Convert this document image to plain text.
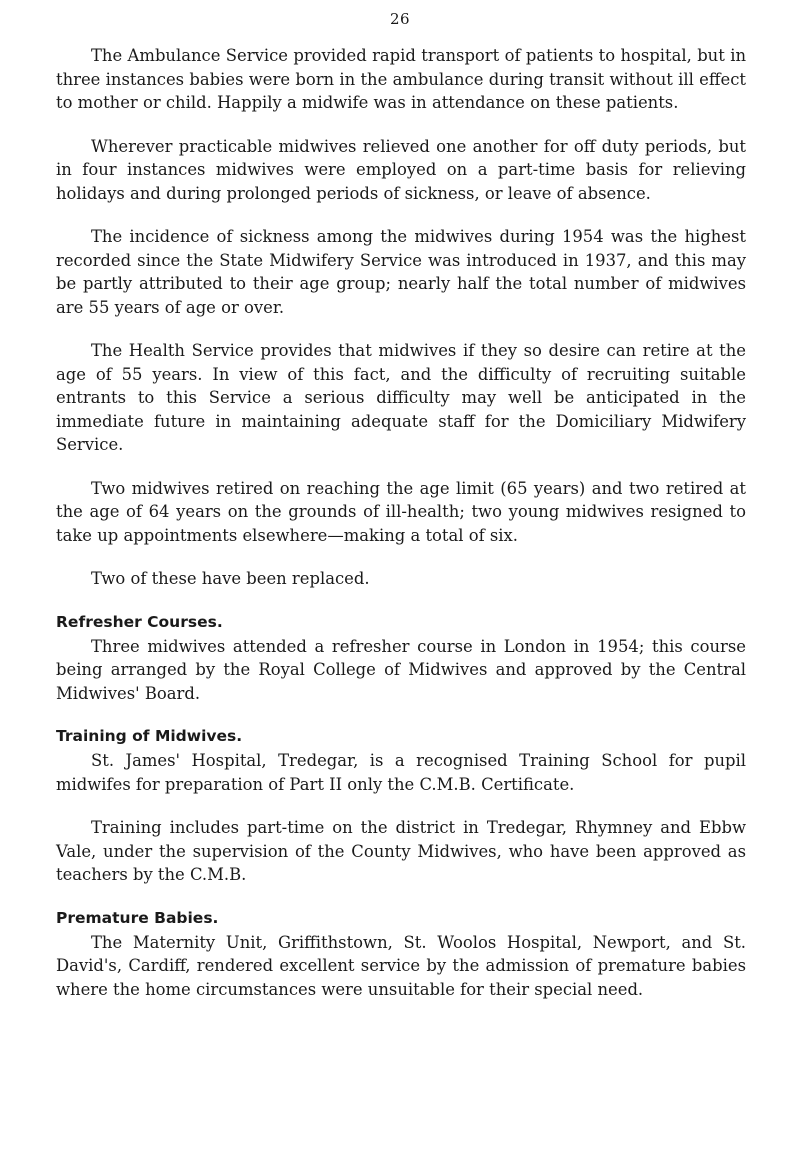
26

The Ambulance Service provided rapid transport of patients to hospital, but in three instances babies were born in the ambulance during transit without ill effect to mother or child. Happily a midwife was in attendance on these patients.

Wherever practicable midwives relieved one another for off duty periods, but in four instances midwives were employed on a part-time basis for relieving holidays and during prolonged periods of sickness, or leave of absence.

The incidence of sickness among the midwives during 1954 was the highest recorded since the State Midwifery Service was introduced in 1937, and this may be partly attributed to their age group; nearly half the total number of midwives are 55 years of age or over.

The Health Service provides that midwives if they so desire can retire at the age of 55 years. In view of this fact, and the difficulty of recruiting suitable entrants to this Service a serious difficulty may well be anticipated in the immediate future in maintaining adequate staff for the Domiciliary Midwifery Service.

Two midwives retired on reaching the age limit (65 years) and two retired at the age of 64 years on the grounds of ill-health; two young midwives resigned to take up appointments elsewhere—making a total of six.

Two of these have been replaced.

Refresher Courses.

Three midwives attended a refresher course in London in 1954; this course being arranged by the Royal College of Midwives and approved by the Central Midwives' Board.

Training of Midwives.

St. James' Hospital, Tredegar, is a recognised Training School for pupil midwifes for preparation of Part II only the C.M.B. Certificate.

Training includes part-time on the district in Tredegar, Rhymney and Ebbw Vale, under the supervision of the County Midwives, who have been approved as teachers by the C.M.B.

Premature Babies.

The Maternity Unit, Griffithstown, St. Woolos Hospital, Newport, and St. David's, Cardiff, rendered excellent service by the admission of premature babies where the home circumstances were unsuitable for their special need.
